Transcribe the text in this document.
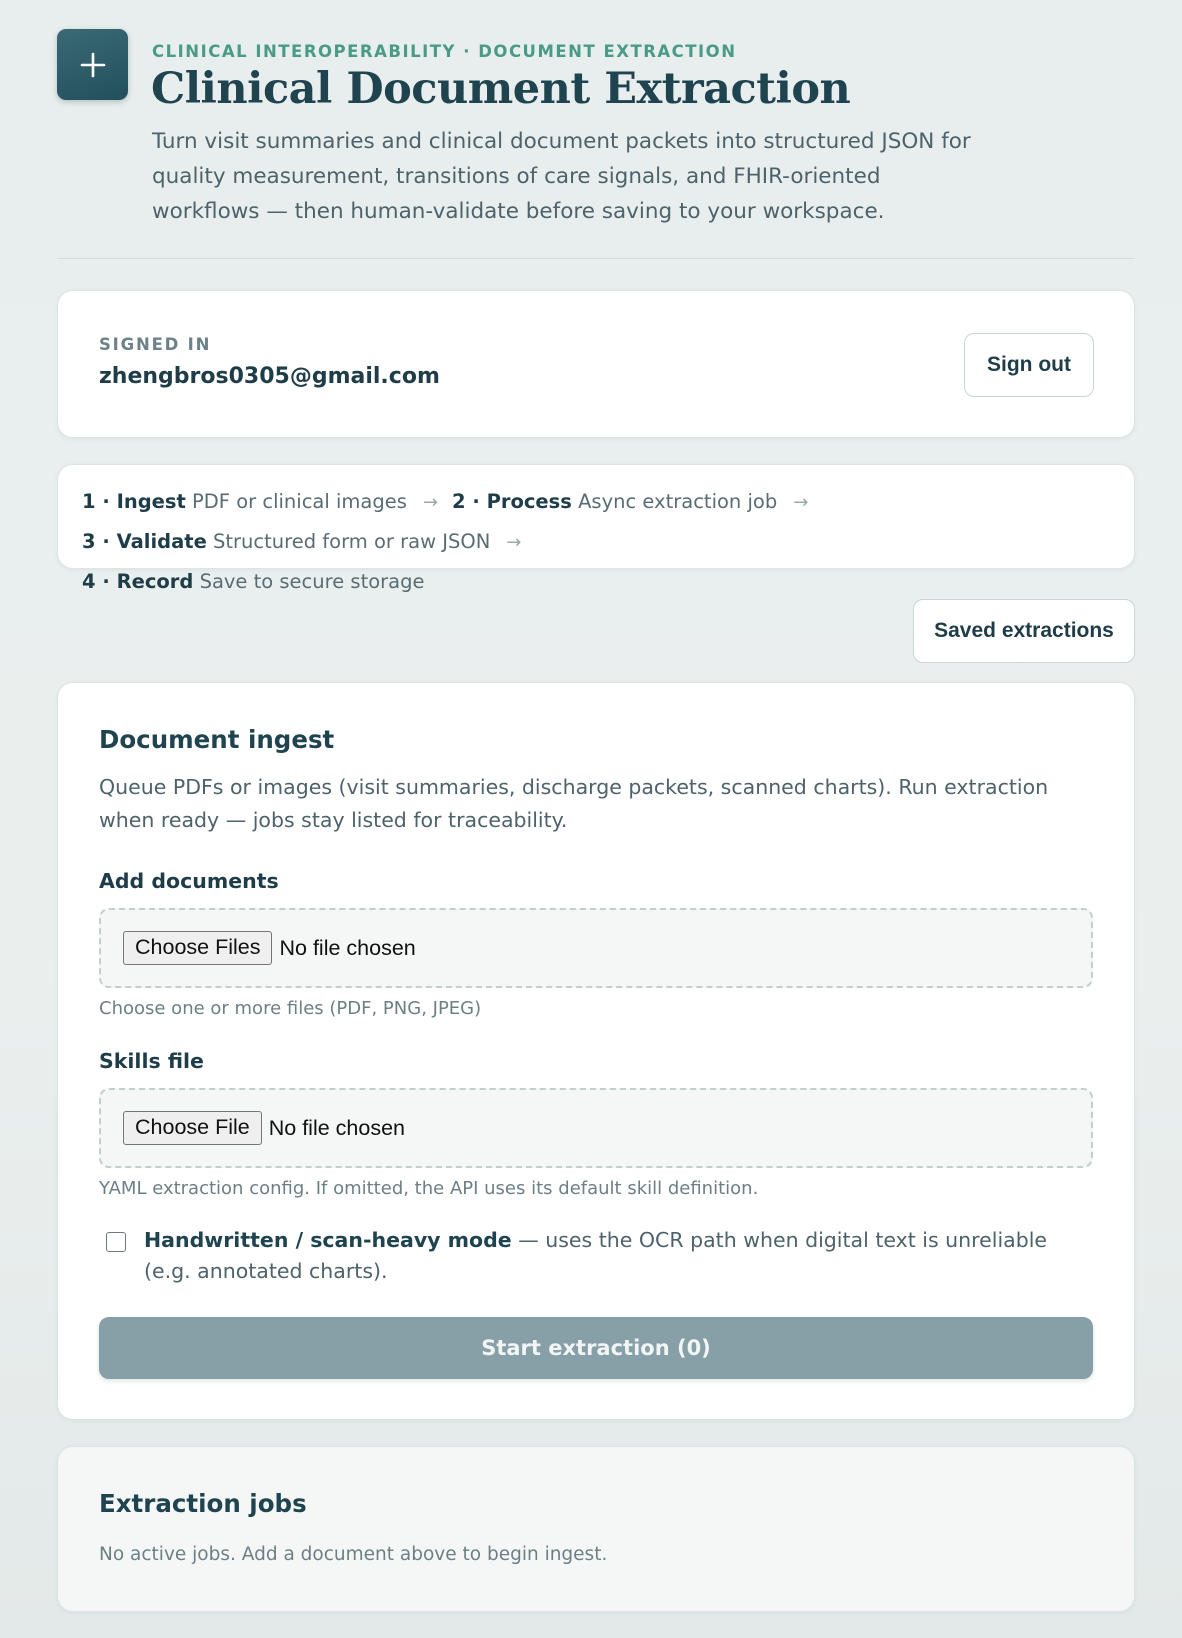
CLINICAL INTEROPERABILITY · DOCUMENT EXTRACTION
Clinical Document Extraction

Turn visit summaries and clinical document packets into structured JSON for quality measurement, transitions of care signals, and FHIR-oriented workflows — then human-validate before saving to your workspace.

SIGNED IN
zhengbros0305@gmail.com	Sign out
1 · Ingest PDF or clinical images → 2 · Process Async extraction job →3 · Validate Structured form or raw JSON →
4 · Record Save to secure storage
Saved extractions
Document ingest

Queue PDFs or images (visit summaries, discharge packets, scanned charts). Run extraction when ready — jobs stay listed for traceability.

Add documents
Choose Files No file chosen
Choose one or more files (PDF, PNG, JPEG)
Skills file
Choose File No file chosen
YAML extraction config. If omitted, the API uses its default skill definition.
Handwritten / scan-heavy mode — uses the OCR path when digital text is unreliable (e.g. annotated charts).
Start extraction (0)
Extraction jobs
No active jobs. Add a document above to begin ingest.
